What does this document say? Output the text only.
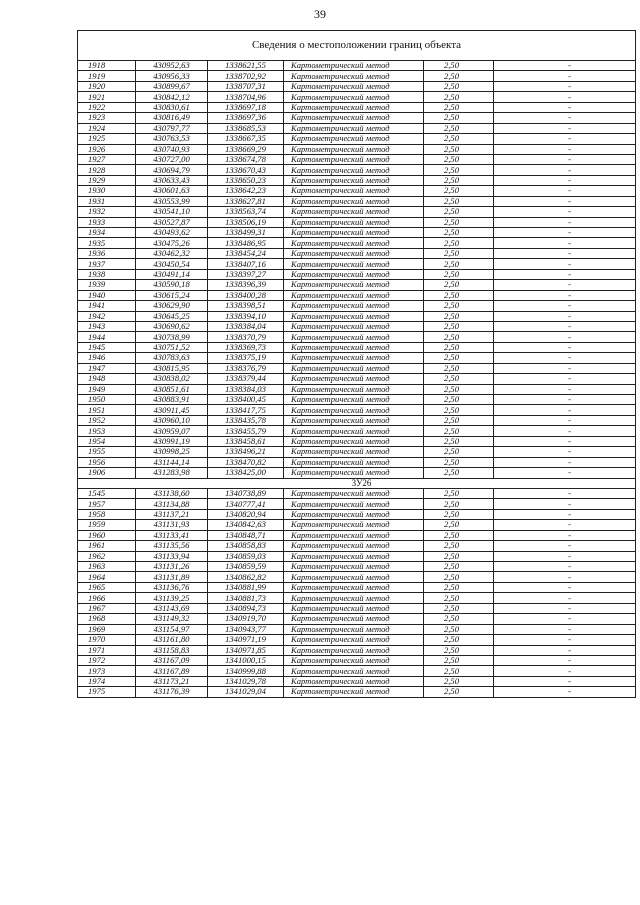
39
Сведения о местоположении границ объекта					
1918	430952,63	1338621,55	Картометрический метод	2,50	-
1919	430956,33	1338702,92	Картометрический метод	2,50	-
1920	430899,67	1338707,31	Картометрический метод	2,50	-
1921	430842,12	1338704,96	Картометрический метод	2,50	-
1922	430830,61	1338697,18	Картометрический метод	2,50	-
1923	430816,49	1338697,36	Картометрический метод	2,50	-
1924	430797,77	1338685,53	Картометрический метод	2,50	-
1925	430763,53	1338667,35	Картометрический метод	2,50	-
1926	430740,93	1338669,29	Картометрический метод	2,50	-
1927	430727,00	1338674,78	Картометрический метод	2,50	-
1928	430694,79	1338670,43	Картометрический метод	2,50	-
1929	430633,43	1338650,23	Картометрический метод	2,50	-
1930	430601,63	1338642,23	Картометрический метод	2,50	-
1931	430553,99	1338627,81	Картометрический метод	2,50	-
1932	430541,10	1338563,74	Картометрический метод	2,50	-
1933	430527,87	1338506,19	Картометрический метод	2,50	-
1934	430493,62	1338499,31	Картометрический метод	2,50	-
1935	430475,26	1338486,95	Картометрический метод	2,50	-
1936	430462,32	1338454,24	Картометрический метод	2,50	-
1937	430450,54	1338407,16	Картометрический метод	2,50	-
1938	430491,14	1338397,27	Картометрический метод	2,50	-
1939	430590,18	1338396,39	Картометрический метод	2,50	-
1940	430615,24	1338400,28	Картометрический метод	2,50	-
1941	430629,90	1338398,51	Картометрический метод	2,50	-
1942	430645,25	1338394,10	Картометрический метод	2,50	-
1943	430690,62	1338384,04	Картометрический метод	2,50	-
1944	430738,99	1338370,79	Картометрический метод	2,50	-
1945	430751,52	1338369,73	Картометрический метод	2,50	-
1946	430783,63	1338375,19	Картометрический метод	2,50	-
1947	430815,95	1338376,79	Картометрический метод	2,50	-
1948	430838,02	1338379,44	Картометрический метод	2,50	-
1949	430851,61	1338384,03	Картометрический метод	2,50	-
1950	430883,91	1338400,45	Картометрический метод	2,50	-
1951	430911,45	1338417,75	Картометрический метод	2,50	-
1952	430960,10	1338435,78	Картометрический метод	2,50	-
1953	430959,07	1338455,79	Картометрический метод	2,50	-
1954	430991,19	1338458,61	Картометрический метод	2,50	-
1955	430998,25	1338496,21	Картометрический метод	2,50	-
1956	431144,14	1338470,82	Картометрический метод	2,50	-
1906	431283,98	1338425,00	Картометрический метод	2,50	-
3У26					
1545	431138,60	1340738,89	Картометрический метод	2,50	-
1957	431134,88	1340777,41	Картометрический метод	2,50	-
1958	431137,21	1340820,94	Картометрический метод	2,50	-
1959	431131,93	1340842,63	Картометрический метод	2,50	-
1960	431133,41	1340848,71	Картометрический метод	2,50	-
1961	431135,56	1340858,83	Картометрический метод	2,50	-
1962	431133,94	1340859,03	Картометрический метод	2,50	-
1963	431131,26	1340859,59	Картометрический метод	2,50	-
1964	431131,89	1340862,82	Картометрический метод	2,50	-
1965	431136,76	1340881,99	Картометрический метод	2,50	-
1966	431139,25	1340881,73	Картометрический метод	2,50	-
1967	431143,69	1340894,73	Картометрический метод	2,50	-
1968	431149,32	1340919,70	Картометрический метод	2,50	-
1969	431154,97	1340943,77	Картометрический метод	2,50	-
1970	431161,80	1340971,19	Картометрический метод	2,50	-
1971	431158,83	1340971,85	Картометрический метод	2,50	-
1972	431167,09	1341000,15	Картометрический метод	2,50	-
1973	431167,89	1340999,88	Картометрический метод	2,50	-
1974	431173,21	1341029,78	Картометрический метод	2,50	-
1975	431176,39	1341029,04	Картометрический метод	2,50	-
